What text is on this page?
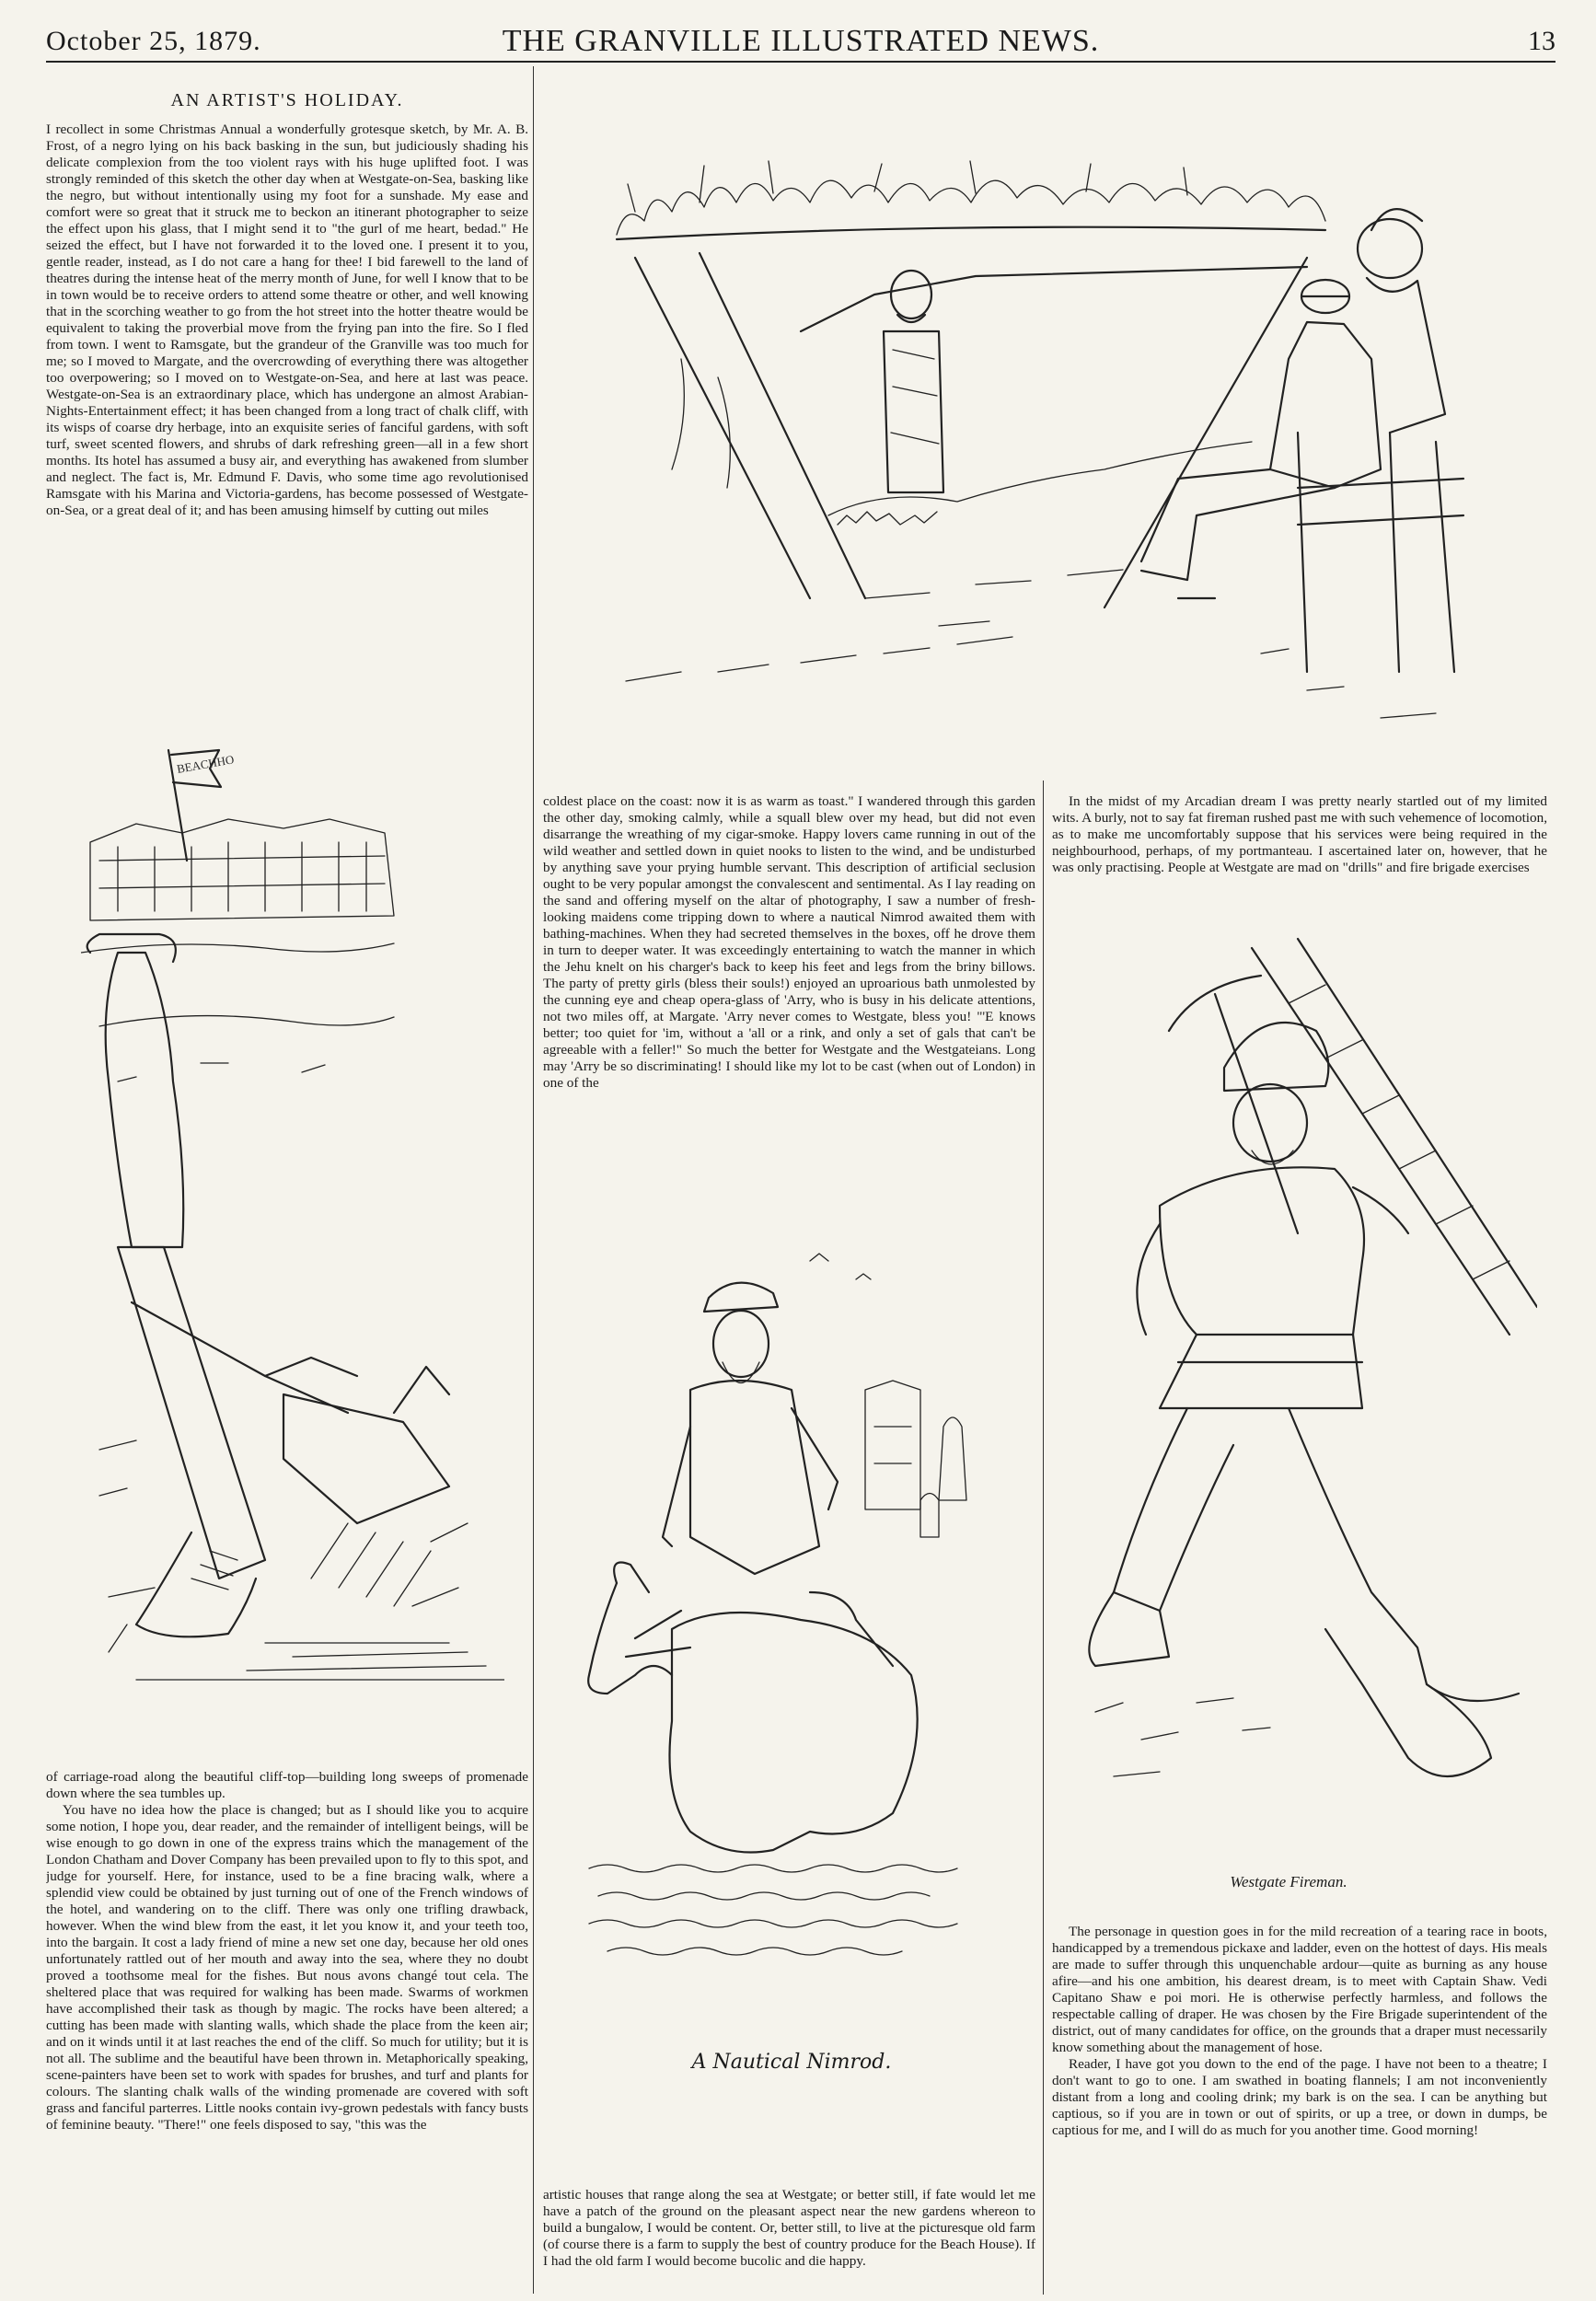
October 25, 1879.	THE GRANVILLE ILLUSTRATED NEWS.	13
AN ARTIST'S HOLIDAY.

I recollect in some Christmas Annual a wonderfully grotesque sketch, by Mr. A. B. Frost, of a negro lying on his back basking in the sun, but judiciously shading his delicate complexion from the too violent rays with his huge uplifted foot. I was strongly reminded of this sketch the other day when at Westgate-on-Sea, basking like the negro, but without intentionally using my foot for a sunshade. My ease and comfort were so great that it struck me to beckon an itinerant photographer to seize the effect upon his glass, that I might send it to "the gurl of me heart, bedad." He seized the effect, but I have not forwarded it to the loved one. I present it to you, gentle reader, instead, as I do not care a hang for thee! I bid farewell to the land of theatres during the intense heat of the merry month of June, for well I know that to be in town would be to receive orders to attend some theatre or other, and well knowing that in the scorching weather to go from the hot street into the hotter theatre would be equivalent to taking the proverbial move from the frying pan into the fire. So I fled from town. I went to Ramsgate, but the grandeur of the Granville was too much for me; so I moved to Margate, and the overcrowding of everything there was altogether too overpowering; so I moved on to Westgate-on-Sea, and here at last was peace. Westgate-on-Sea is an extraordinary place, which has undergone an almost Arabian-Nights-Entertainment effect; it has been changed from a long tract of chalk cliff, with its wisps of coarse dry herbage, into an exquisite series of fanciful gardens, with soft turf, sweet scented flowers, and shrubs of dark refreshing green—all in a few short months. Its hotel has assumed a busy air, and everything has awakened from slumber and neglect. The fact is, Mr. Edmund F. Davis, who some time ago revolutionised Ramsgate with his Marina and Victoria-gardens, has become possessed of Westgate-on-Sea, or a great deal of it; and has been amusing himself by cutting out miles

BEACHHO

of carriage-road along the beautiful cliff-top—building long sweeps of promenade down where the sea tumbles up.

You have no idea how the place is changed; but as I should like you to acquire some notion, I hope you, dear reader, and the remainder of intelligent beings, will be wise enough to go down in one of the express trains which the management of the London Chatham and Dover Company has been prevailed upon to fly to this spot, and judge for yourself. Here, for instance, used to be a fine bracing walk, where a splendid view could be obtained by just turning out of one of the French windows of the hotel, and wandering on to the cliff. There was only one trifling drawback, however. When the wind blew from the east, it let you know it, and your teeth too, into the bargain. It cost a lady friend of mine a new set one day, because her old ones unfortunately rattled out of her mouth and away into the sea, where they no doubt proved a toothsome meal for the fishes. But nous avons changé tout cela. The sheltered place that was required for walking has been made. Swarms of workmen have accomplished their task as though by magic. The rocks have been altered; a cutting has been made with slanting walls, which shade the place from the keen air; and on it winds until it at last reaches the end of the cliff. So much for utility; but it is not all. The sublime and the beautiful have been thrown in. Metaphorically speaking, scene-painters have been set to work with spades for brushes, and turf and plants for colours. The slanting chalk walls of the winding promenade are covered with soft grass and fanciful parterres. Little nooks contain ivy-grown pedestals with fancy busts of feminine beauty. "There!" one feels disposed to say, "this was the

coldest place on the coast: now it is as warm as toast." I wandered through this garden the other day, smoking calmly, while a squall blew over my head, but did not even disarrange the wreathing of my cigar-smoke. Happy lovers came running in out of the wild weather and settled down in quiet nooks to listen to the wind, and be undisturbed by anything save your prying humble servant. This description of artificial seclusion ought to be very popular amongst the convalescent and sentimental. As I lay reading on the sand and offering myself on the altar of photography, I saw a number of fresh-looking maidens come tripping down to where a nautical Nimrod awaited them with bathing-machines. When they had secreted themselves in the boxes, off he drove them in turn to deeper water. It was exceedingly entertaining to watch the manner in which the Jehu knelt on his charger's back to keep his feet and legs from the briny billows. The party of pretty girls (bless their souls!) enjoyed an uproarious bath unmolested by the cunning eye and cheap opera-glass of 'Arry, who is busy in his delicate attentions, not two miles off, at Margate. 'Arry never comes to Westgate, bless you! "'E knows better; too quiet for 'im, without a 'all or a rink, and only a set of gals that can't be agreeable with a feller!" So much the better for Westgate and the Westgateians. Long may 'Arry be so discriminating! I should like my lot to be cast (when out of London) in one of the

A Nautical Nimrod.

artistic houses that range along the sea at Westgate; or better still, if fate would let me have a patch of the ground on the pleasant aspect near the new gardens whereon to build a bungalow, I would be content. Or, better still, to live at the picturesque old farm (of course there is a farm to supply the best of country produce for the Beach House). If I had the old farm I would become bucolic and die happy.

In the midst of my Arcadian dream I was pretty nearly startled out of my limited wits. A burly, not to say fat fireman rushed past me with such vehemence of locomotion, as to make me uncomfortably suppose that his services were being required in the neighbourhood, perhaps, of my portmanteau. I ascertained later on, however, that he was only practising. People at Westgate are mad on "drills" and fire brigade exercises

Westgate Fireman.

The personage in question goes in for the mild recreation of a tearing race in boots, handicapped by a tremendous pickaxe and ladder, even on the hottest of days. His meals are made to suffer through this unquenchable ardour—quite as burning as any house afire—and his one ambition, his dearest dream, is to meet with Captain Shaw. Vedi Capitano Shaw e poi mori. He is otherwise perfectly harmless, and follows the respectable calling of draper. He was chosen by the Fire Brigade superintendent of the district, out of many candidates for office, on the grounds that a draper must necessarily know something about the management of hose.

Reader, I have got you down to the end of the page. I have not been to a theatre; I don't want to go to one. I am swathed in boating flannels; I am not inconveniently distant from a long and cooling drink; my bark is on the sea. I can be anything but captious, so if you are in town or out of spirits, or up a tree, or down in dumps, be captious for me, and I will do as much for you another time. Good morning!
